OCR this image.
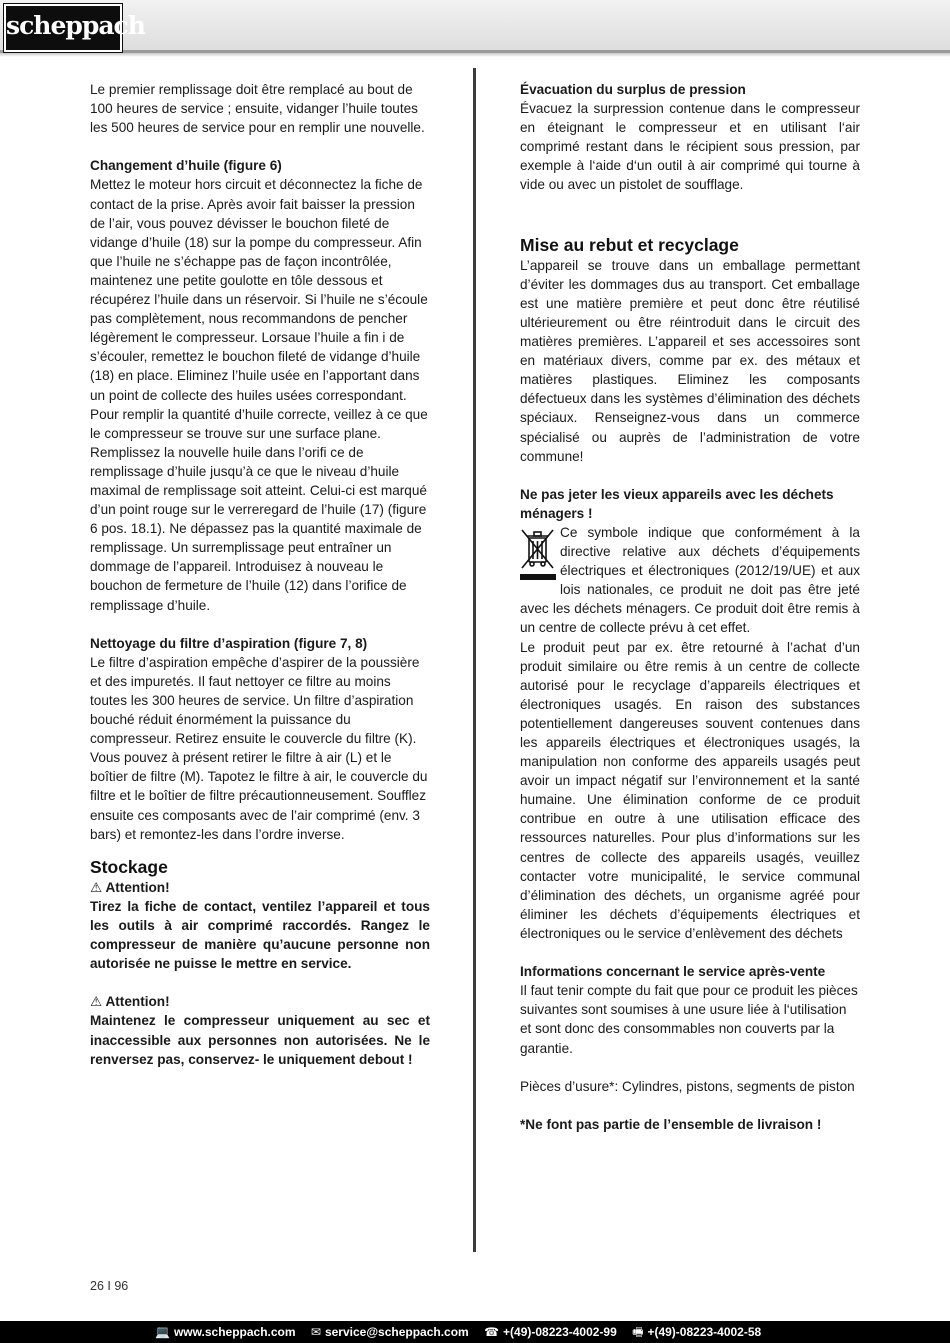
scheppach

Le premier remplissage doit être remplacé au bout de 100 heures de service ; ensuite, vidanger l’huile toutes les 500 heures de service pour en remplir une nouvelle.

Changement d’huile (figure 6)

Mettez le moteur hors circuit et déconnectez la fiche de contact de la prise. Après avoir fait baisser la pression de l’air, vous pouvez dévisser le bouchon fileté de vidange d’huile (18) sur la pompe du compresseur. Afin que l’huile ne s’échappe pas de façon incontrôlée, maintenez une petite goulotte en tôle dessous et récupérez l’huile dans un réservoir. Si l’huile ne s’écoule pas complètement, nous recommandons de pencher légèrement le compresseur. Lorsaue l’huile a fin i de s’écouler, remettez le bouchon fileté de vidange d’huile (18) en place. Eliminez l’huile usée en l’apportant dans un point de collecte des huiles usées correspondant.

Pour remplir la quantité d’huile correcte, veillez à ce que le compresseur se trouve sur une surface plane. Remplissez la nouvelle huile dans l’orifi ce de remplissage d’huile jusqu’à ce que le niveau d’huile maximal de remplissage soit atteint. Celui-ci est marqué d’un point rouge sur le verreregard de l’huile (17) (figure 6 pos. 18.1). Ne dépassez pas la quantité maximale de remplissage. Un surremplissage peut entraîner un dommage de l’appareil. Introduisez à nouveau le bouchon de fermeture de l’huile (12) dans l’orifice de remplissage d’huile.

Nettoyage du filtre d’aspiration (figure 7, 8)

Le filtre d’aspiration empêche d’aspirer de la poussière et des impuretés. Il faut nettoyer ce filtre au moins toutes les 300 heures de service. Un filtre d’aspiration bouché réduit énormément la puissance du compresseur. Retirez ensuite le couvercle du filtre (K). Vous pouvez à présent retirer le filtre à air (L) et le boîtier de filtre (M). Tapotez le filtre à air, le couvercle du filtre et le boîtier de filtre précautionneusement. Soufflez ensuite ces composants avec de l’air comprimé (env. 3 bars) et remontez-les dans l’ordre inverse.

Stockage

⚠ Attention!

Tirez la fiche de contact, ventilez l’appareil et tous les outils à air comprimé raccordés. Rangez le compresseur de manière qu’aucune personne non autorisée ne puisse le mettre en service.

⚠ Attention!

Maintenez le compresseur uniquement au sec et inaccessible aux personnes non autorisées. Ne le renversez pas, conservez- le uniquement debout !

Évacuation du surplus de pression

Évacuez la surpression contenue dans le compresseur en éteignant le compresseur et en utilisant l‘air comprimé restant dans le récipient sous pression, par exemple à l‘aide d‘un outil à air comprimé qui tourne à vide ou avec un pistolet de soufflage.

Mise au rebut et recyclage

L’appareil se trouve dans un emballage permettant d’éviter les dommages dus au transport. Cet emballage est une matière première et peut donc être réutilisé ultérieurement ou être réintroduit dans le circuit des matières premières. L’appareil et ses accessoires sont en matériaux divers, comme par ex. des métaux et matières plastiques. Eliminez les composants défectueux dans les systèmes d’élimination des déchets spéciaux. Renseignez-vous dans un commerce spécialisé ou auprès de l’administration de votre commune!

Ne pas jeter les vieux appareils avec les déchets ménagers !

Ce symbole indique que conformément à la directive relative aux déchets d’équipements électriques et électroniques (2012/19/UE) et aux lois nationales, ce produit ne doit pas être jeté avec les déchets ménagers. Ce produit doit être remis à un centre de collecte prévu à cet effet.

Le produit peut par ex. être retourné à l’achat d’un produit similaire ou être remis à un centre de collecte autorisé pour le recyclage d’appareils électriques et électroniques usagés. En raison des substances potentiellement dangereuses souvent contenues dans les appareils électriques et électroniques usagés, la manipulation non conforme des appareils usagés peut avoir un impact négatif sur l’environnement et la santé humaine. Une élimination conforme de ce produit contribue en outre à une utilisation efficace des ressources naturelles. Pour plus d’informations sur les centres de collecte des appareils usagés, veuillez contacter votre municipalité, le service communal d’élimination des déchets, un organisme agréé pour éliminer les déchets d’équipements électriques et électroniques ou le service d’enlèvement des déchets

Informations concernant le service après-vente

Il faut tenir compte du fait que pour ce produit les pièces suivantes sont soumises à une usure liée à l‘utilisation et sont donc des consommables non couverts par la garantie.

Pièces d’usure*: Cylindres, pistons, segments de piston

*Ne font pas partie de l’ensemble de livraison !

26 I 96
💻 www.scheppach.com ✉ service@scheppach.com ☎ +(49)-08223-4002-99 🖷 +(49)-08223-4002-58
